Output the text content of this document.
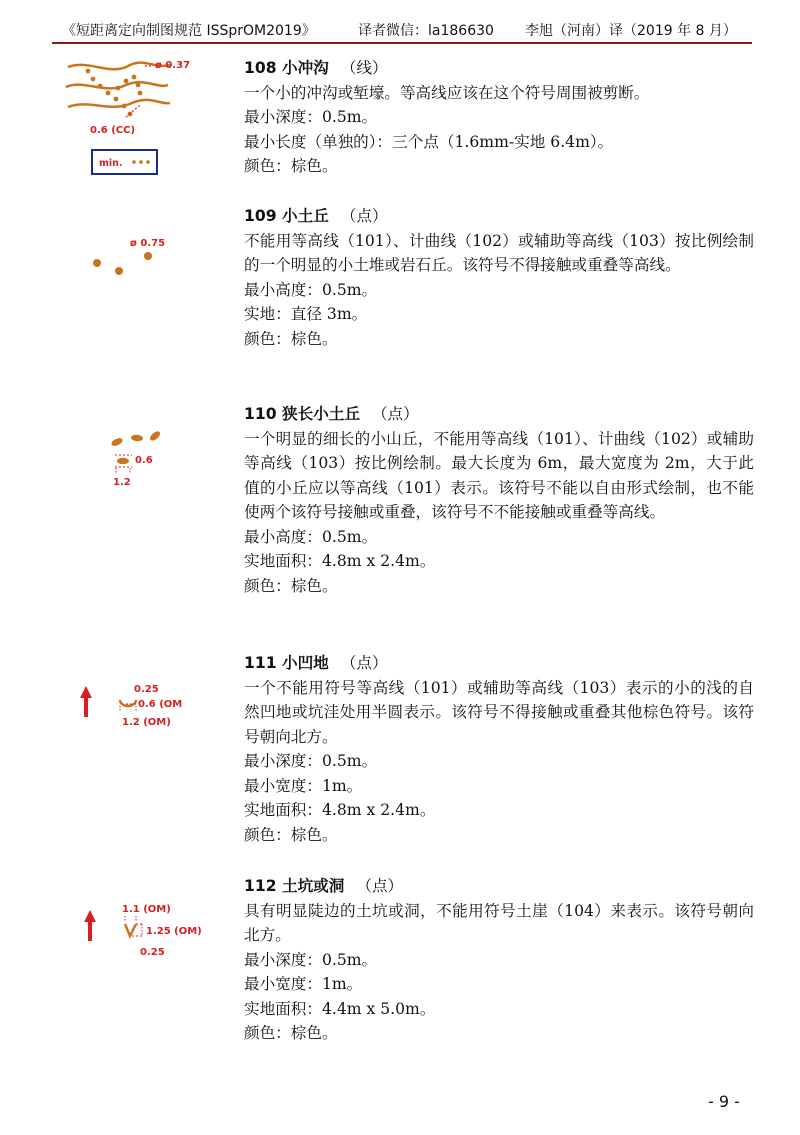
《短距离定向制图规范 ISSprOM2019》	译者微信：la186630 李旭（河南）译（2019 年 8 月）
ø 0.37
0.6 (CC)
min.
ø 0.75
0.6
1.2
0.25
0.6 (OM
1.2 (OM)
1.1 (OM)
1.25 (OM)
0.25
108 小冲沟 （线）
一个小的冲沟或堑壕。等高线应该在这个符号周围被剪断。
最小深度：0.5m。
最小长度（单独的）：三个点（1.6mm-实地 6.4m）。
颜色：棕色。
109 小土丘 （点）
不能用等高线（101）、计曲线（102）或辅助等高线（103）按比例绘制的一个明显的小土堆或岩石丘。该符号不得接触或重叠等高线。
最小高度：0.5m。
实地：直径 3m。
颜色：棕色。
110 狭长小土丘 （点）
一个明显的细长的小山丘，不能用等高线（101）、计曲线（102）或辅助等高线（103）按比例绘制。最大长度为 6m，最大宽度为 2m，大于此值的小丘应以等高线（101）表示。该符号不能以自由形式绘制，也不能使两个该符号接触或重叠，该符号不不能接触或重叠等高线。
最小高度：0.5m。
实地面积：4.8m x 2.4m。
颜色：棕色。
111 小凹地 （点）
一个不能用符号等高线（101）或辅助等高线（103）表示的小的浅的自然凹地或坑洼处用半圆表示。该符号不得接触或重叠其他棕色符号。该符号朝向北方。
最小深度：0.5m。
最小宽度：1m。
实地面积：4.8m x 2.4m。
颜色：棕色。
112 土坑或洞 （点）
具有明显陡边的土坑或洞，不能用符号土崖（104）来表示。该符号朝向北方。
最小深度：0.5m。
最小宽度：1m。
实地面积：4.4m x 5.0m。
颜色：棕色。
- 9 -
